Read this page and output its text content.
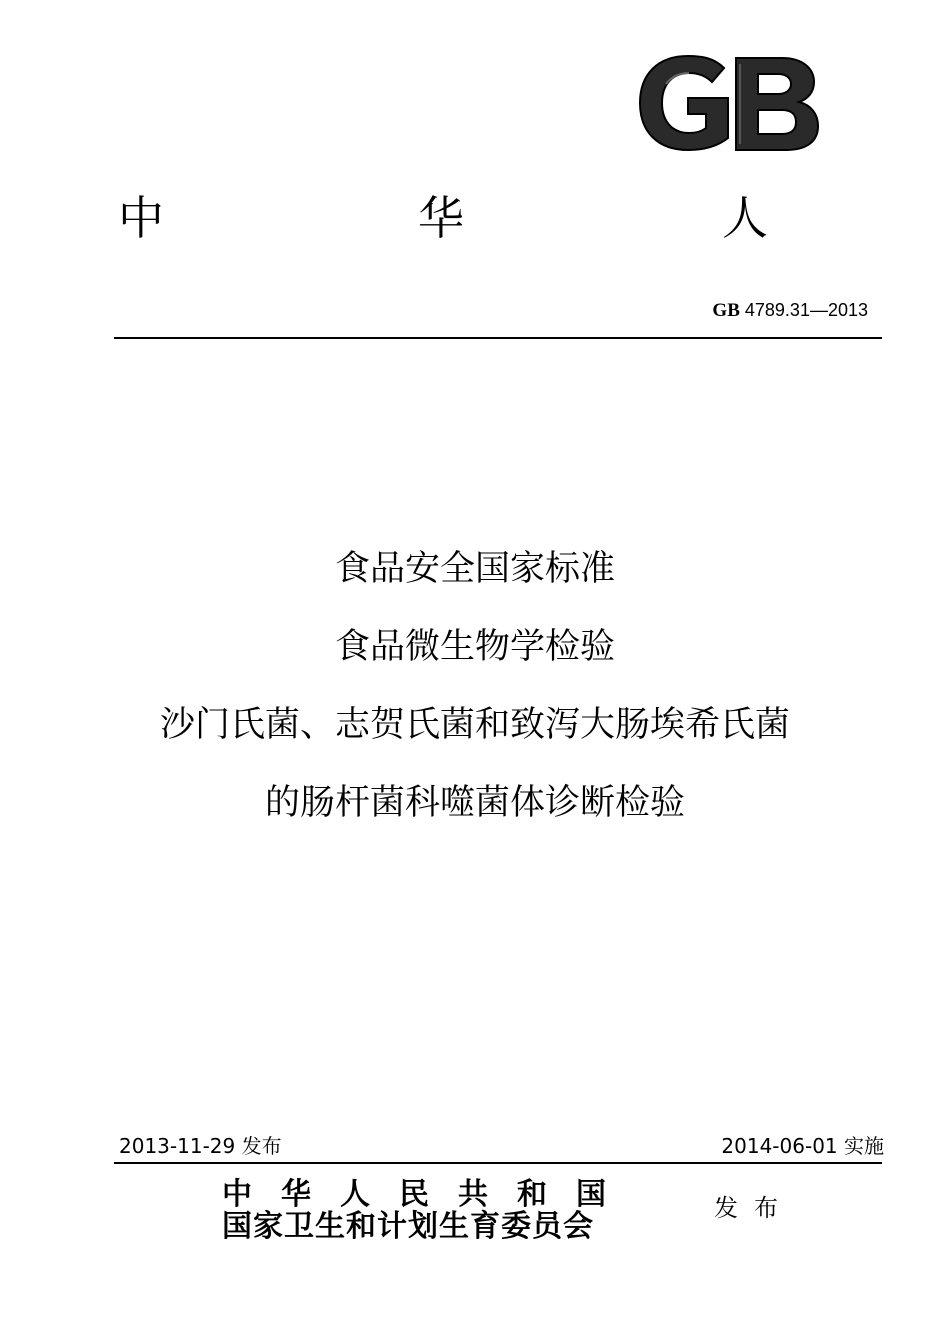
中	华	人
GB 4789.31—2013
食品安全国家标准
食品微生物学检验
沙门氏菌、志贺氏菌和致泻大肠埃希氏菌
的肠杆菌科噬菌体诊断检验
2013-11-29 发布	2014-06-01 实施
中华人民共和国
国家卫生和计划生育委员会
发布
